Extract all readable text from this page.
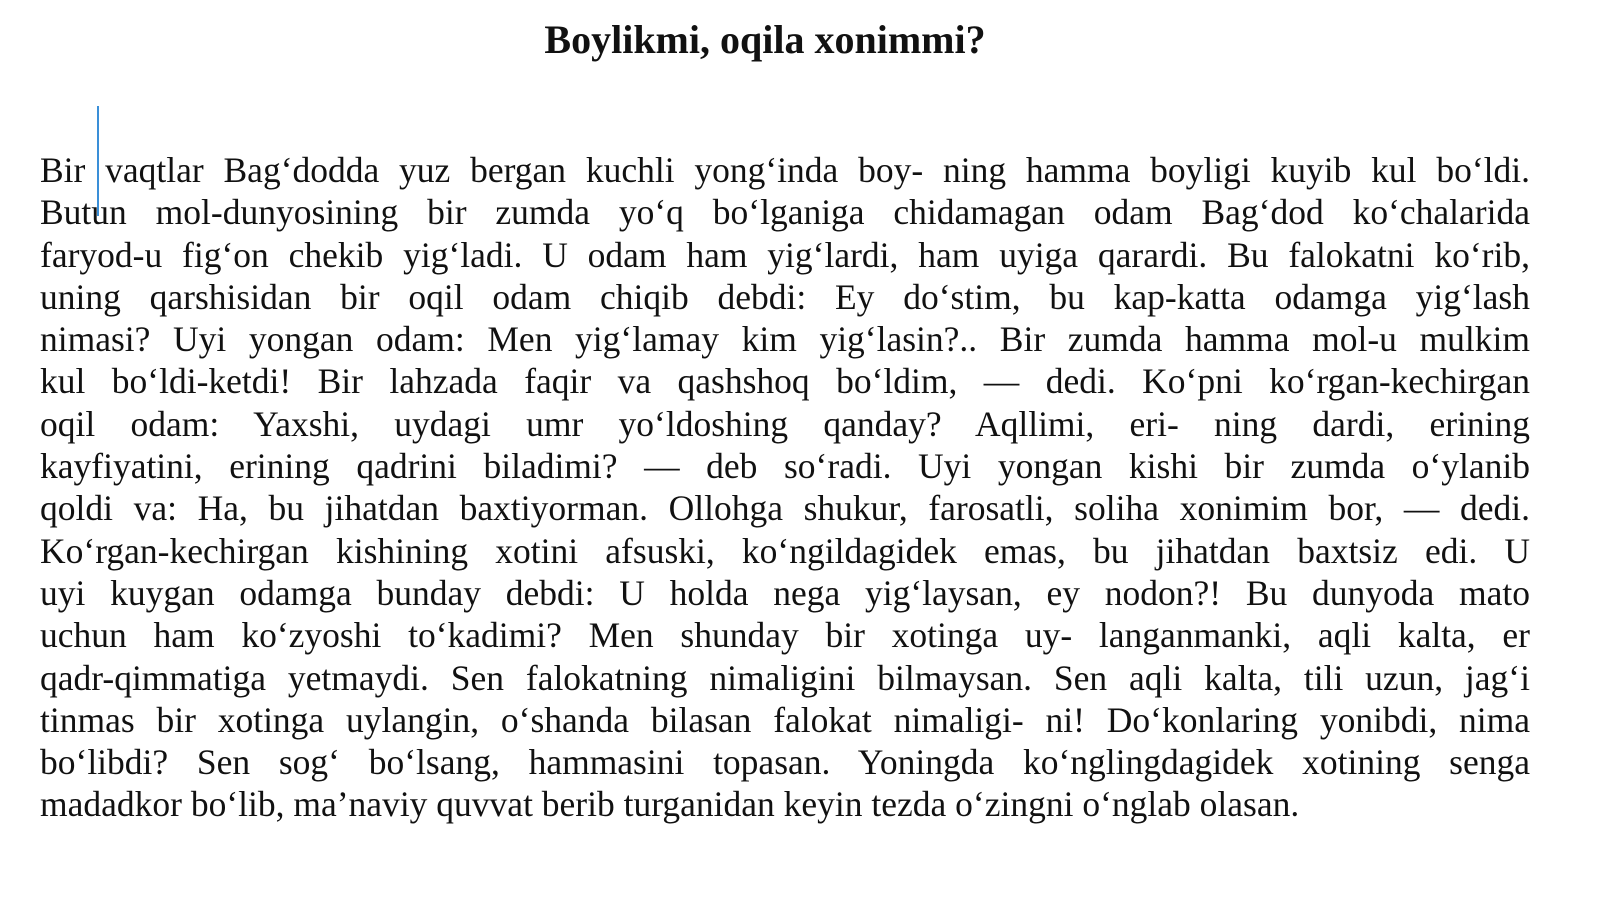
Boylikmi, oqila xonimmi?
Bir vaqtlar Bag‘dodda yuz bergan kuchli yong‘inda boy- ning hamma boyligi kuyib kul bo‘ldi.
Butun mol-dunyosining bir zumda yo‘q bo‘lganiga chidamagan odam Bag‘dod ko‘chalarida
faryod-u fig‘on chekib yig‘ladi. U odam ham yig‘lardi, ham uyiga qarardi. Bu falokatni ko‘rib,
uning qarshisidan bir oqil odam chiqib debdi: Ey do‘stim, bu kap-katta odamga yig‘lash
nimasi? Uyi yongan odam: Men yig‘lamay kim yig‘lasin?.. Bir zumda hamma mol-u mulkim
kul bo‘ldi-ketdi! Bir lahzada faqir va qashshoq bo‘ldim, — dedi. Ko‘pni ko‘rgan-kechirgan
oqil odam: Yaxshi, uydagi umr yo‘ldoshing qanday? Aqllimi, eri- ning dardi, erining
kayfiyatini, erining qadrini biladimi? — deb so‘radi. Uyi yongan kishi bir zumda o‘ylanib
qoldi va: Ha, bu jihatdan baxtiyorman. Ollohga shukur, farosatli, soliha xonimim bor, — dedi.
Ko‘rgan-kechirgan kishining xotini afsuski, ko‘ngildagidek emas, bu jihatdan baxtsiz edi. U
uyi kuygan odamga bunday debdi: U holda nega yig‘laysan, ey nodon?! Bu dunyoda mato
uchun ham ko‘zyoshi to‘kadimi? Men shunday bir xotinga uy- langanmanki, aqli kalta, er
qadr-qimmatiga yetmaydi. Sen falokatning nimaligini bilmaysan. Sen aqli kalta, tili uzun, jag‘i
tinmas bir xotinga uylangin, o‘shanda bilasan falokat nimaligi- ni! Do‘konlaring yonibdi, nima
bo‘libdi? Sen sog‘ bo‘lsang, hammasini topasan. Yoningda ko‘nglingdagidek xotining senga
madadkor bo‘lib, ma’naviy quvvat berib turganidan keyin tezda o‘zingni o‘nglab olasan.
